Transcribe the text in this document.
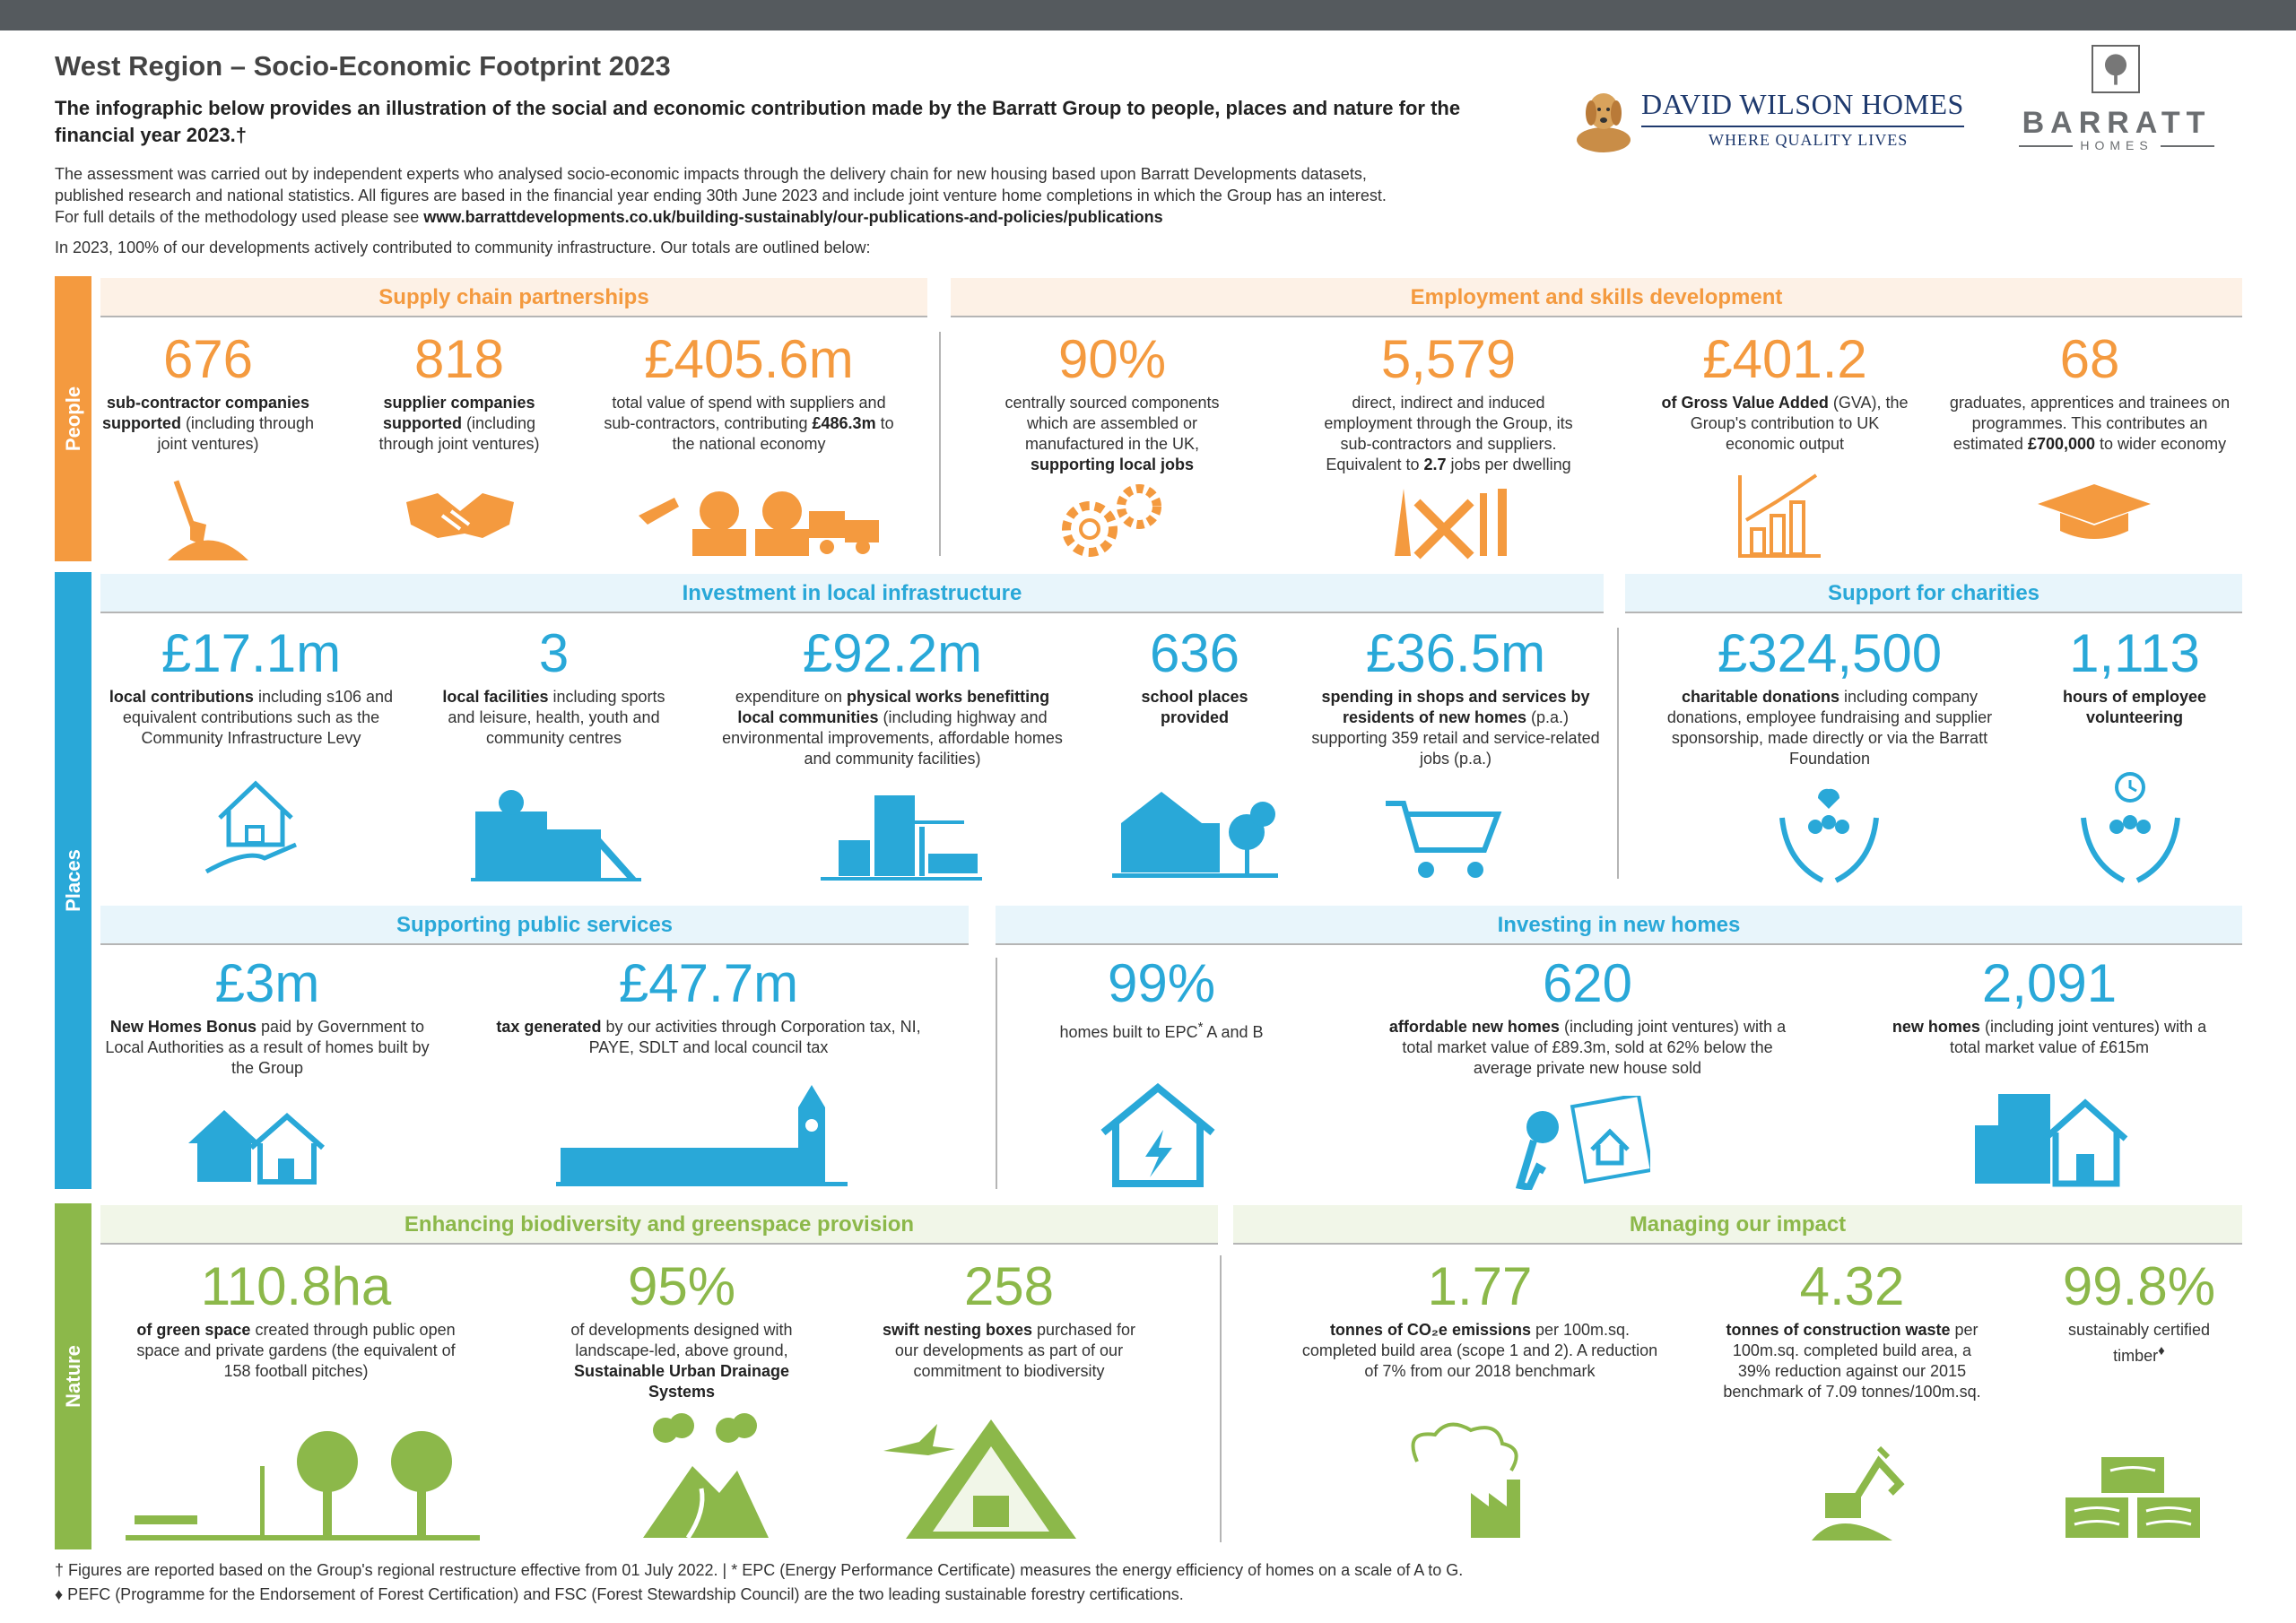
West Region – Socio-Economic Footprint 2023
The infographic below provides an illustration of the social and economic contribution made by the Barratt Group to people, places and nature for the financial year 2023.†
The assessment was carried out by independent experts who analysed socio-economic impacts through the delivery chain for new housing based upon Barratt Developments datasets,
published research and national statistics. All figures are based in the financial year ending 30th June 2023 and include joint venture home completions in which the Group has an interest.
For full details of the methodology used please see www.barrattdevelopments.co.uk/building-sustainably/our-publications-and-policies/publications
In 2023, 100% of our developments actively contributed to community infrastructure. Our totals are outlined below:
DAVID WILSON HOMES
WHERE QUALITY LIVES	BARRATT
HOMES
People
Supply chain partnerships	Employment and skills development
676
sub-contractor companies supported (including through joint ventures)
818
supplier companies supported (including through joint ventures)
£405.6m
total value of spend with suppliers and sub-contractors, contributing £486.3m to the national economy
90%
centrally sourced components which are assembled or manufactured in the UK, supporting local jobs
5,579
direct, indirect and induced employment through the Group, its sub-contractors and suppliers. Equivalent to 2.7 jobs per dwelling
£401.2
of Gross Value Added (GVA), the Group's contribution to UK economic output
68
graduates, apprentices and trainees on programmes. This contributes an estimated £700,000 to wider economy
Places
Investment in local infrastructure	Support for charities
£17.1m
local contributions including s106 and equivalent contributions such as the Community Infrastructure Levy
3
local facilities including sports and leisure, health, youth and community centres
£92.2m
expenditure on physical works benefitting local communities (including highway and environmental improvements, affordable homes and community facilities)
636
school places provided
£36.5m
spending in shops and services by residents of new homes (p.a.) supporting 359 retail and service-related jobs (p.a.)
£324,500
charitable donations including company donations, employee fundraising and supplier sponsorship, made directly or via the Barratt Foundation
1,113
hours of employee volunteering
Supporting public services	Investing in new homes
£3m
New Homes Bonus paid by Government to Local Authorities as a result of homes built by the Group
£47.7m
tax generated by our activities through Corporation tax, NI, PAYE, SDLT and local council tax
99%
homes built to EPC* A and B
620
affordable new homes (including joint ventures) with a total market value of £89.3m, sold at 62% below the average private new house sold
2,091
new homes (including joint ventures) with a total market value of £615m
Nature
Enhancing biodiversity and greenspace provision	Managing our impact
110.8ha
of green space created through public open space and private gardens (the equivalent of 158 football pitches)
95%
of developments designed with landscape-led, above ground, Sustainable Urban Drainage Systems
258
swift nesting boxes purchased for our developments as part of our commitment to biodiversity
1.77
tonnes of CO₂e emissions per 100m.sq. completed build area (scope 1 and 2). A reduction of 7% from our 2018 benchmark
4.32
tonnes of construction waste per 100m.sq. completed build area, a 39% reduction against our 2015 benchmark of 7.09 tonnes/100m.sq.
99.8%
sustainably certified timber♦
† Figures are reported based on the Group's regional restructure effective from 01 July 2022. | * EPC (Energy Performance Certificate) measures the energy efficiency of homes on a scale of A to G.
♦ PEFC (Programme for the Endorsement of Forest Certification) and FSC (Forest Stewardship Council) are the two leading sustainable forestry certifications.
